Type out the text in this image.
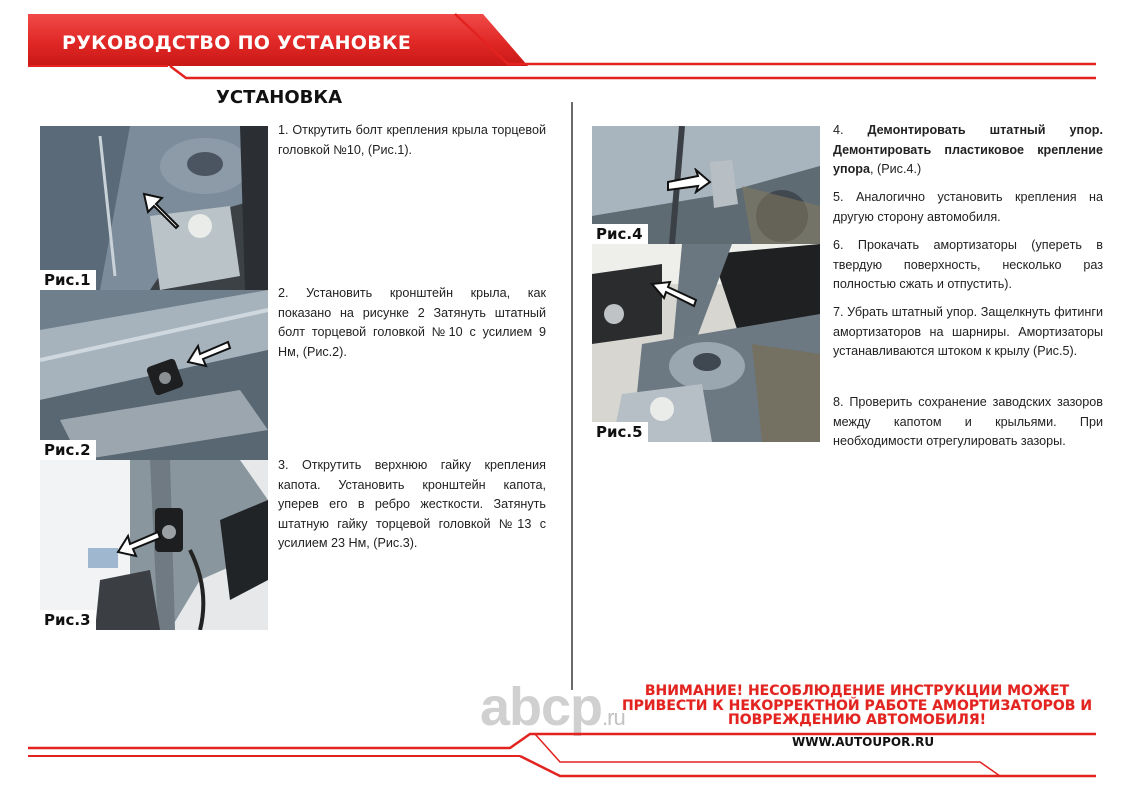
РУКОВОДСТВО ПО УСТАНОВКЕ
УСТАНОВКА
Рис.1
Рис.2
Рис.3
1. Открутить болт крепления крыла торцевой головкой №10, (Рис.1).
2. Установить кронштейн крыла, как показано на рисунке 2 Затянуть штатный болт торцевой головкой №10 с усилием 9 Нм, (Рис.2).
3. Открутить верхнюю гайку крепления капота. Установить кронштейн капота, уперев его в ребро жесткости. Затянуть штатную гайку торцевой головкой №13 с усилием 23 Нм, (Рис.3).
Рис.4
Рис.5
4. Демонтировать штатный упор. Демонтировать пластиковое крепление упора, (Рис.4.)
5. Аналогично установить крепления на другую сторону автомобиля.
6. Прокачать амортизаторы (уперeть в твердую поверхность, несколько раз полностью сжать и отпустить).
7. Убрать штатный упор. Защелкнуть фитинги амортизаторов на шарниры. Амортизаторы устанавливаются штоком к крылу (Рис.5).
8. Проверить сохранение заводских зазоров между капотом и крыльями. При необходимости отрегулировать зазоры.
abcp.ru
ВНИМАНИЕ! НЕСОБЛЮДЕНИЕ ИНСТРУКЦИИ МОЖЕТ ПРИВЕСТИ К НЕКОРРЕКТНОЙ РАБОТЕ АМОРТИЗАТОРОВ И ПОВРЕЖДЕНИЮ АВТОМОБИЛЯ!
WWW.AUTOUPOR.RU
